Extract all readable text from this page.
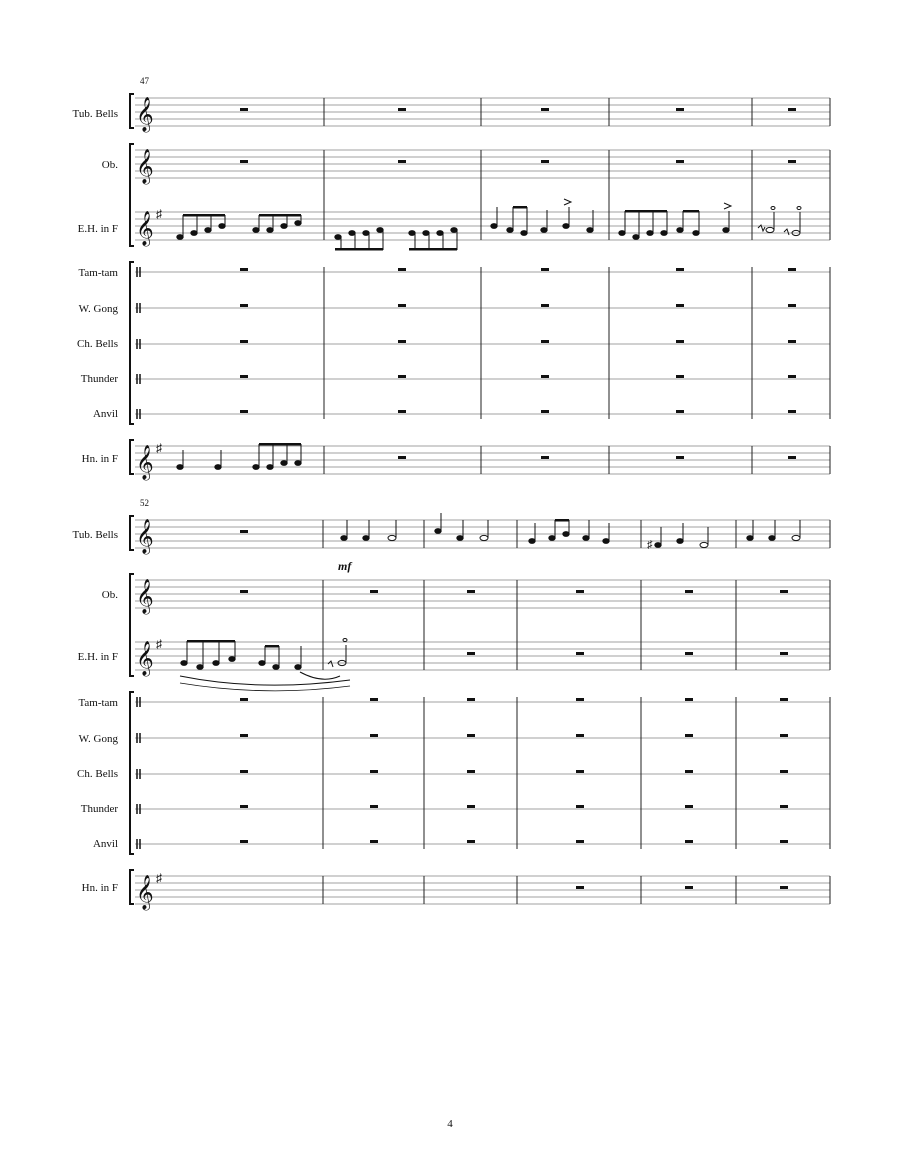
47
Tub. Bells
Ob.
E.H. in F
Tam-tam
W. Gong
Ch. Bells
Thunder
Anvil
Hn. in F
𝄞
𝄞
𝄞 ♯
𝄞 ♯
52
Tub. Bells
Ob.
E.H. in F
Tam-tam
W. Gong
Ch. Bells
Thunder
Anvil
Hn. in F
𝄞
𝄞
𝄞 ♯
𝄞 ♯
♯
mf
4
